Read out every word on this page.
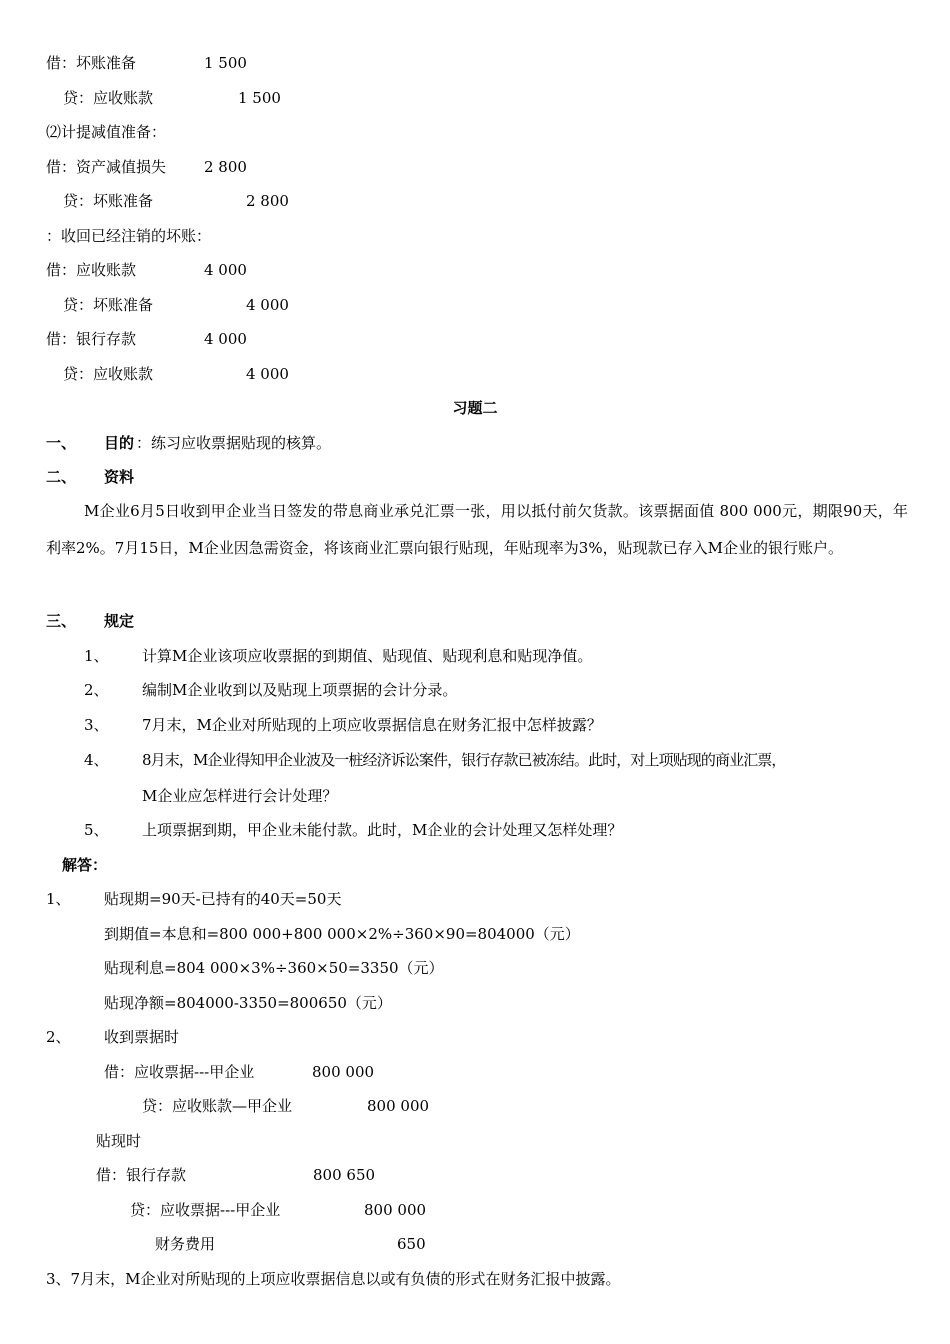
借：坏账准备	1 500
贷：应收账款	1 500
⑵计提减值准备：
借：资产减值损失	2 800
贷：坏账准备	2 800
：收回已经注销的坏账：
借：应收账款	4 000
贷：坏账准备	4 000
借：银行存款	4 000
贷：应收账款	4 000
习题二
一、 目的 ：练习应收票据贴现的核算。
二、 资料
M企业6月5日收到甲企业当日签发的带息商业承兑汇票一张，用以抵付前欠货款。该票据面值 800 000元，期限90天，年利率2%。7月15日，M企业因急需资金，将该商业汇票向银行贴现，年贴现率为3%，贴现款已存入M企业的银行账户。
三、 规定
1、 计算M企业该项应收票据的到期值、贴现值、贴现利息和贴现净值。
2、 编制M企业收到以及贴现上项票据的会计分录。
3、 7月末，M企业对所贴现的上项应收票据信息在财务汇报中怎样披露？
4、 8月末，M企业得知甲企业波及一桩经济诉讼案件，银行存款已被冻结。此时，对上项贴现的商业汇票，
M企业应怎样进行会计处理？
5、 上项票据到期，甲企业未能付款。此时，M企业的会计处理又怎样处理？
解答：
1、 贴现期=90天-已持有的40天=50天
到期值=本息和=800 000+800 000×2%÷360×90=804000（元）
贴现利息=804 000×3%÷360×50=3350（元）
贴现净额=804000-3350=800650（元）
2、 收到票据时
借：应收票据---甲企业	800 000
贷：应收账款—甲企业	800 000
贴现时
借：银行存款	800 650
贷：应收票据---甲企业	800 000
财务费用	650
3、7月末，M企业对所贴现的上项应收票据信息以或有负债的形式在财务汇报中披露。
